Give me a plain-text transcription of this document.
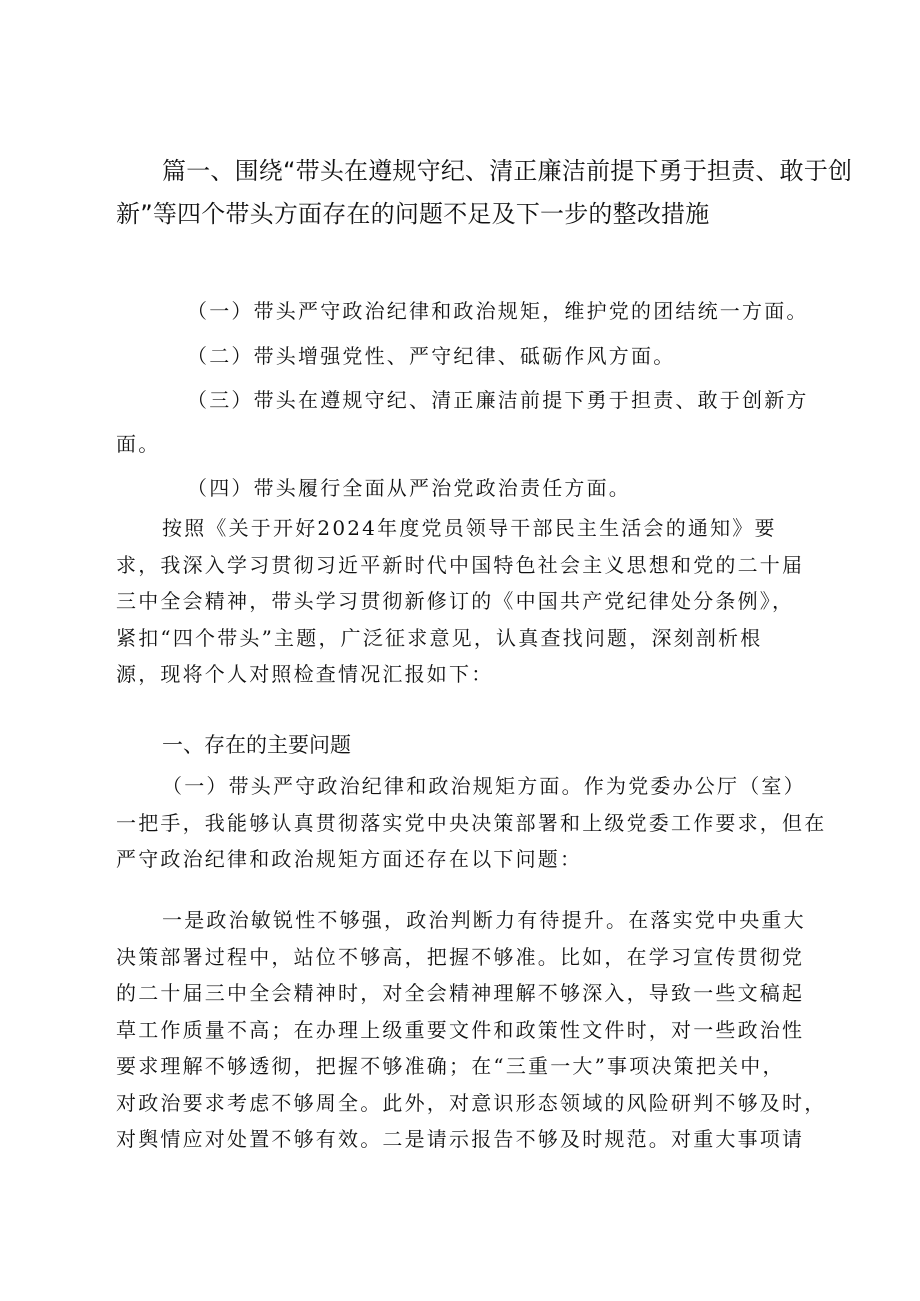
篇一、围绕“带头在遵规守纪、清正廉洁前提下勇于担责、敢于创
新”等四个带头方面存在的问题不足及下一步的整改措施
（一）带头严守政治纪律和政治规矩，维护党的团结统一方面。
（二）带头增强党性、严守纪律、砥砺作风方面。
（三）带头在遵规守纪、清正廉洁前提下勇于担责、敢于创新方
面。
（四）带头履行全面从严治党政治责任方面。
按照《关于开好2024年度党员领导干部民主生活会的通知》要
求，我深入学习贯彻习近平新时代中国特色社会主义思想和党的二十届
三中全会精神，带头学习贯彻新修订的《中国共产党纪律处分条例》，
紧扣“四个带头”主题，广泛征求意见，认真查找问题，深刻剖析根
源，现将个人对照检查情况汇报如下：
一、存在的主要问题
（一）带头严守政治纪律和政治规矩方面。作为党委办公厅（室）
一把手，我能够认真贯彻落实党中央决策部署和上级党委工作要求，但在
严守政治纪律和政治规矩方面还存在以下问题：
一是政治敏锐性不够强，政治判断力有待提升。在落实党中央重大
决策部署过程中，站位不够高，把握不够准。比如，在学习宣传贯彻党
的二十届三中全会精神时，对全会精神理解不够深入，导致一些文稿起
草工作质量不高；在办理上级重要文件和政策性文件时，对一些政治性
要求理解不够透彻，把握不够准确；在“三重一大”事项决策把关中，
对政治要求考虑不够周全。此外，对意识形态领域的风险研判不够及时，
对舆情应对处置不够有效。二是请示报告不够及时规范。对重大事项请
